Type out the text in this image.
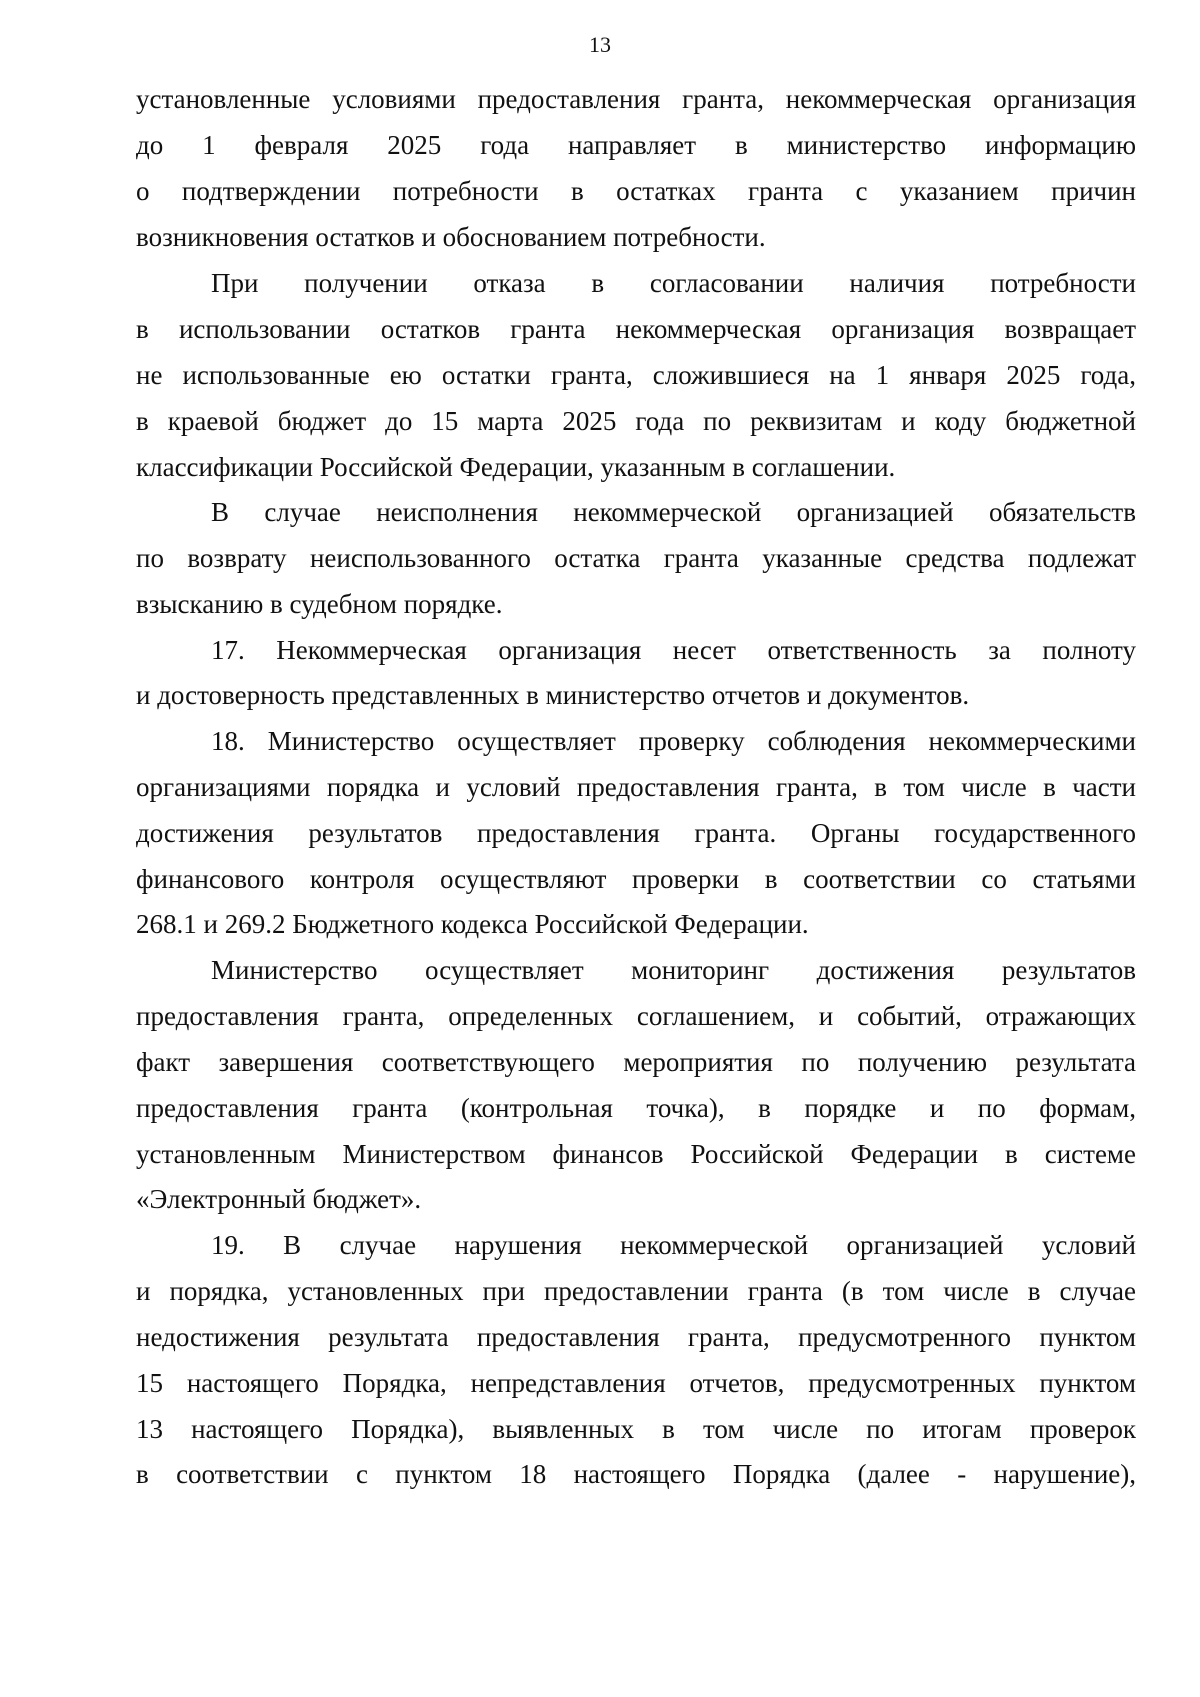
13
установленные условиями предоставления гранта, некоммерческая организация
до 1 февраля 2025 года направляет в министерство информацию
о подтверждении потребности в остатках гранта с указанием причин
возникновения остатков и обоснованием потребности.
При получении отказа в согласовании наличия потребности
в использовании остатков гранта некоммерческая организация возвращает
не использованные ею остатки гранта, сложившиеся на 1 января 2025 года,
в краевой бюджет до 15 марта 2025 года по реквизитам и коду бюджетной
классификации Российской Федерации, указанным в соглашении.
В случае неисполнения некоммерческой организацией обязательств
по возврату неиспользованного остатка гранта указанные средства подлежат
взысканию в судебном порядке.
17. Некоммерческая организация несет ответственность за полноту
и достоверность представленных в министерство отчетов и документов.
18. Министерство осуществляет проверку соблюдения некоммерческими
организациями порядка и условий предоставления гранта, в том числе в части
достижения результатов предоставления гранта. Органы государственного
финансового контроля осуществляют проверки в соответствии со статьями
268.1 и 269.2 Бюджетного кодекса Российской Федерации.
Министерство осуществляет мониторинг достижения результатов
предоставления гранта, определенных соглашением, и событий, отражающих
факт завершения соответствующего мероприятия по получению результата
предоставления гранта (контрольная точка), в порядке и по формам,
установленным Министерством финансов Российской Федерации в системе
«Электронный бюджет».
19. В случае нарушения некоммерческой организацией условий
и порядка, установленных при предоставлении гранта (в том числе в случае
недостижения результата предоставления гранта, предусмотренного пунктом
15 настоящего Порядка, непредставления отчетов, предусмотренных пунктом
13 настоящего Порядка), выявленных в том числе по итогам проверок
в соответствии с пунктом 18 настоящего Порядка (далее - нарушение),
